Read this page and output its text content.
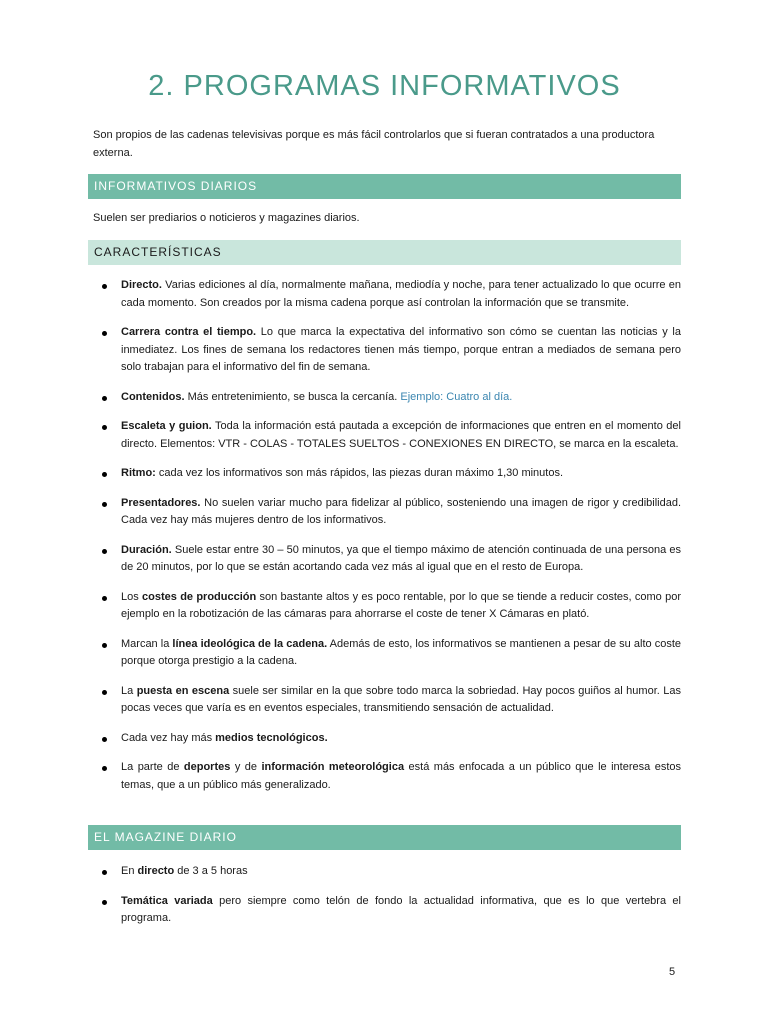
2. PROGRAMAS INFORMATIVOS

Son propios de las cadenas televisivas porque es más fácil controlarlos que si fueran contratados a una productora externa.

INFORMATIVOS DIARIOS

Suelen ser prediarios o noticieros y magazines diarios.

CARACTERÍSTICAS
Directo. Varias ediciones al día, normalmente mañana, mediodía y noche, para tener actualizado lo que ocurre en cada momento. Son creados por la misma cadena porque así controlan la información que se transmite.
Carrera contra el tiempo. Lo que marca la expectativa del informativo son cómo se cuentan las noticias y la inmediatez. Los fines de semana los redactores tienen más tiempo, porque entran a mediados de semana pero solo trabajan para el informativo del fin de semana.
Contenidos. Más entretenimiento, se busca la cercanía. Ejemplo: Cuatro al día.
Escaleta y guion. Toda la información está pautada a excepción de informaciones que entren en el momento del directo. Elementos: VTR - COLAS - TOTALES SUELTOS - CONEXIONES EN DIRECTO, se marca en la escaleta.
Ritmo: cada vez los informativos son más rápidos, las piezas duran máximo 1,30 minutos.
Presentadores. No suelen variar mucho para fidelizar al público, sosteniendo una imagen de rigor y credibilidad. Cada vez hay más mujeres dentro de los informativos.
Duración. Suele estar entre 30 – 50 minutos, ya que el tiempo máximo de atención continuada de una persona es de 20 minutos, por lo que se están acortando cada vez más al igual que en el resto de Europa.
Los costes de producción son bastante altos y es poco rentable, por lo que se tiende a reducir costes, como por ejemplo en la robotización de las cámaras para ahorrarse el coste de tener X Cámaras en plató.
Marcan la línea ideológica de la cadena. Además de esto, los informativos se mantienen a pesar de su alto coste porque otorga prestigio a la cadena.
La puesta en escena suele ser similar en la que sobre todo marca la sobriedad. Hay pocos guiños al humor. Las pocas veces que varía es en eventos especiales, transmitiendo sensación de actualidad.
Cada vez hay más medios tecnológicos.
La parte de deportes y de información meteorológica está más enfocada a un público que le interesa estos temas, que a un público más generalizado.
EL MAGAZINE DIARIO
En directo de 3 a 5 horas
Temática variada pero siempre como telón de fondo la actualidad informativa, que es lo que vertebra el programa.
5
